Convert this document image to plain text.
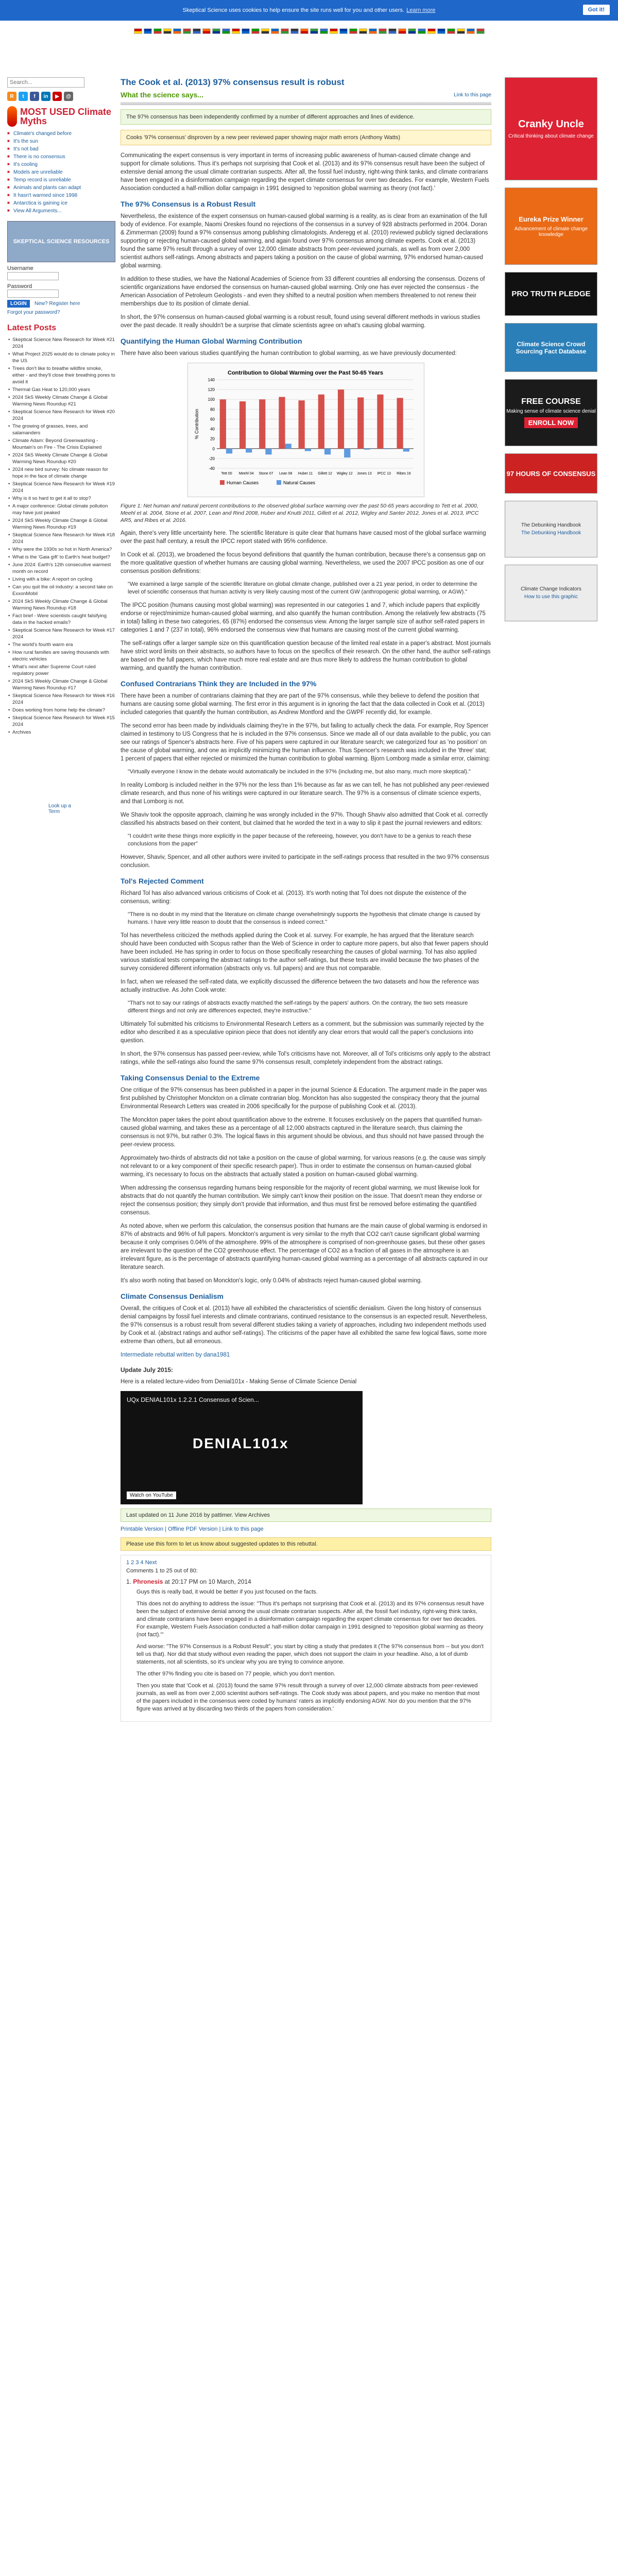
Skeptical Science uses cookies to help ensure the site runs well for you and other users. Learn more	Got it!
Search...
R	t	f	in	▶	@
MOST USED Climate Myths
■ Climate's changed before
■ It's the sun
■ It's not bad
■ There is no consensus
■ It's cooling
■ Models are unreliable
■ Temp record is unreliable
■ Animals and plants can adapt
■ It hasn't warmed since 1998
■ Antarctica is gaining ice
■ View All Arguments...
SKEPTICAL SCIENCE RESOURCES
Username
Password
LOGIN New? Register here
Forgot your password?
Latest Posts
• Skeptical Science New Research for Week #21 2024
• What Project 2025 would do to climate policy in the US
• Trees don't like to breathe wildfire smoke, either - and they'll close their breathing pores to avoid it
• Thermal Gas Heat to 120,000 years
• 2024 SkS Weekly Climate Change & Global Warming News Roundup #21
• Skeptical Science New Research for Week #20 2024
• The growing of grasses, trees, and salamanders
• Climate Adam: Beyond Greenwashing - Mountain's on Fire - The Crisis Explained
• 2024 SkS Weekly Climate Change & Global Warming News Roundup #20
• 2024 new bird survey: No climate reason for hope in the face of climate change
• Skeptical Science New Research for Week #19 2024
• Why is it so hard to get it all to stop?
• A major conference: Global climate pollution may have just peaked
• 2024 SkS Weekly Climate Change & Global Warming News Roundup #19
• Skeptical Science New Research for Week #18 2024
• Why were the 1930s so hot in North America?
• What is the 'Gaia gift' to Earth's heat budget?
• June 2024: Earth's 12th consecutive warmest month on record
• Living with a bike: A report on cycling
• Can you quit the oil industry: a second take on ExxonMobil
• 2024 SkS Weekly Climate Change & Global Warming News Roundup #18
• Fact brief - Were scientists caught falsifying data in the hacked emails?
• Skeptical Science New Research for Week #17 2024
• The world's fourth warm era
• How rural families are saving thousands with electric vehicles
• What's next after Supreme Court ruled regulatory power
• 2024 SkS Weekly Climate Change & Global Warming News Roundup #17
• Skeptical Science New Research for Week #16 2024
• Does working from home help the climate?
• Skeptical Science New Research for Week #15 2024
• Archives
Look up a Term
The Cook et al. (2013) 97% consensus result is robust
What the science says...	Link to this page
The 97% consensus has been independently confirmed by a number of different approaches and lines of evidence.
Cooks '97% consensus' disproven by a new peer reviewed paper showing major math errors (Anthony Watts)

Communicating the expert consensus is very important in terms of increasing public awareness of human-caused climate change and support for climate solutions. Thus it's perhaps not surprising that Cook et al. (2013) and its 97% consensus result have been the subject of extensive denial among the usual climate contrarian suspects. After all, the fossil fuel industry, right-wing think tanks, and climate contrarians have been engaged in a disinformation campaign regarding the expert climate consensus for over two decades. For example, Western Fuels Association conducted a half-million dollar campaign in 1991 designed to 'reposition global warming as theory (not fact).'

The 97% Consensus is a Robust Result

Nevertheless, the existence of the expert consensus on human-caused global warming is a reality, as is clear from an examination of the full body of evidence. For example, Naomi Oreskes found no rejections of the consensus in a survey of 928 abstracts performed in 2004. Doran & Zimmerman (2009) found a 97% consensus among publishing climatologists. Anderegg et al. (2010) reviewed publicly signed declarations supporting or rejecting human-caused global warming, and again found over 97% consensus among climate experts. Cook et al. (2013) found the same 97% result through a survey of over 12,000 climate abstracts from peer-reviewed journals, as well as from over 2,000 scientist authors self-ratings. Among abstracts and papers taking a position on the cause of global warming, 97% endorsed human-caused global warming.

In addition to these studies, we have the National Academies of Science from 33 different countries all endorsing the consensus. Dozens of scientific organizations have endorsed the consensus on human-caused global warming. Only one has ever rejected the consensus - the American Association of Petroleum Geologists - and even they shifted to a neutral position when members threatened to not renew their memberships due to its position of climate denial.

In short, the 97% consensus on human-caused global warming is a robust result, found using several different methods in various studies over the past decade. It really shouldn't be a surprise that climate scientists agree on what's causing global warming.

Quantifying the Human Global Warming Contribution

There have also been various studies quantifying the human contribution to global warming, as we have previously documented:

Contribution to Global Warming over the Past 50-65 Years
-40
-20
0
20
40
60
80
100
120
140
% Contribution
Tett 00 Meehl 04 Stone 07 Lean 08 Huber 11 Gillett 12 Wigley 12 Jones 13 IPCC 13 Ribes 16
Human Causes	Natural Causes
Figure 1: Net human and natural percent contributions to the observed global surface warming over the past 50-65 years according to Tett et al. 2000, Meehl et al. 2004, Stone et al. 2007, Lean and Rind 2008, Huber and Knutti 2011, Gillett et al. 2012, Wigley and Santer 2012, Jones et al. 2013, IPCC AR5, and Ribes et al. 2016.

Again, there's very little uncertainty here. The scientific literature is quite clear that humans have caused most of the global surface warming over the past half century, a result the IPCC report stated with 95% confidence.

In Cook et al. (2013), we broadened the focus beyond definitions that quantify the human contribution, because there's a consensus gap on the more qualitative question of whether humans are causing global warming. Nevertheless, we used the 2007 IPCC position as one of our consensus position definitions:

"We examined a large sample of the scientific literature on global climate change, published over a 21 year period, in order to determine the level of scientific consensus that human activity is very likely causing most of the current GW (anthropogenic global warming, or AGW)."

The IPCC position (humans causing most global warming) was represented in our categories 1 and 7, which include papers that explicitly endorse or reject/minimize human-caused global warming, and also quantify the human contribution. Among the relatively few abstracts (75 in total) falling in these two categories, 65 (87%) endorsed the consensus view. Among the larger sample size of author self-rated papers in categories 1 and 7 (237 in total), 96% endorsed the consensus view that humans are causing most of the current global warming.

The self-ratings offer a larger sample size on this quantification question because of the limited real estate in a paper's abstract. Most journals have strict word limits on their abstracts, so authors have to focus on the specifics of their research. On the other hand, the author self-ratings are based on the full papers, which have much more real estate and are thus more likely to address the human contribution to global warming, and quantify the human contribution.

Confused Contrarians Think they are Included in the 97%

There have been a number of contrarians claiming that they are part of the 97% consensus, while they believe to defend the position that humans are causing some global warming. The first error in this argument is in ignoring the fact that the data collected in Cook et al. (2013) included categories that quantify the human contribution, as Andrew Montford and the GWPF recently did, for example.

The second error has been made by individuals claiming they're in the 97%, but failing to actually check the data. For example, Roy Spencer claimed in testimony to US Congress that he is included in the 97% consensus. Since we made all of our data available to the public, you can see our ratings of Spencer's abstracts here. Five of his papers were captured in our literature search; we categorized four as 'no position' on the cause of global warming, and one as implicitly minimizing the human influence. Thus Spencer's research was included in the 'three' stat; 1 percent of papers that either rejected or minimized the human contribution to global warming. Bjorn Lomborg made a similar error, claiming:

"Virtually everyone I know in the debate would automatically be included in the 97% (including me, but also many, much more skeptical)."

In reality Lomborg is included neither in the 97% nor the less than 1% because as far as we can tell, he has not published any peer-reviewed climate research, and thus none of his writings were captured in our literature search. The 97% is a consensus of climate science experts, and that Lomborg is not.

We Shaviv took the opposite approach, claiming he was wrongly included in the 97%. Though Shaviv also admitted that Cook et al. correctly classified his abstracts based on their content, but claimed that he worded the text in a way to slip it past the journal reviewers and editors:

"I couldn't write these things more explicitly in the paper because of the refereeing, however, you don't have to be a genius to reach these conclusions from the paper"

However, Shaviv, Spencer, and all other authors were invited to participate in the self-ratings process that resulted in the two 97% consensus conclusion.

Tol's Rejected Comment

Richard Tol has also advanced various criticisms of Cook et al. (2013). It's worth noting that Tol does not dispute the existence of the consensus, writing:

"There is no doubt in my mind that the literature on climate change overwhelmingly supports the hypothesis that climate change is caused by humans. I have very little reason to doubt that the consensus is indeed correct."

Tol has nevertheless criticized the methods applied during the Cook et al. survey. For example, he has argued that the literature search should have been conducted with Scopus rather than the Web of Science in order to capture more papers, but also that fewer papers should have been included. He has spring in order to focus on those specifically researching the causes of global warming. Tol has also applied various statistical tests comparing the abstract ratings to the author self-ratings, but these tests are invalid because the two phases of the survey considered different information (abstracts only vs. full papers) and are thus not comparable.

In fact, when we released the self-rated data, we explicitly discussed the difference between the two datasets and how the reference was actually instructive. As John Cook wrote:

"That's not to say our ratings of abstracts exactly matched the self-ratings by the papers' authors. On the contrary, the two sets measure different things and not only are differences expected, they're instructive."

Ultimately Tol submitted his criticisms to Environmental Research Letters as a comment, but the submission was summarily rejected by the editor who described it as a speculative opinion piece that does not identify any clear errors that would call the paper's conclusions into question.

In short, the 97% consensus has passed peer-review, while Tol's criticisms have not. Moreover, all of Tol's criticisms only apply to the abstract ratings, while the self-ratings also found the same 97% consensus result, completely independent from the abstract ratings.

Taking Consensus Denial to the Extreme

One critique of the 97% consensus has been published in a paper in the journal Science & Education. The argument made in the paper was first published by Christopher Monckton on a climate contrarian blog. Monckton has also suggested the conspiracy theory that the journal Environmental Research Letters was created in 2006 specifically for the purpose of publishing Cook et al. (2013).

The Monckton paper takes the point about quantification above to the extreme. It focuses exclusively on the papers that quantified human-caused global warming, and takes these as a percentage of all 12,000 abstracts captured in the literature search, thus claiming the consensus is not 97%, but rather 0.3%. The logical flaws in this argument should be obvious, and thus should not have passed through the peer-review process.

Approximately two-thirds of abstracts did not take a position on the cause of global warming, for various reasons (e.g. the cause was simply not relevant to or a key component of their specific research paper). Thus in order to estimate the consensus on human-caused global warming, it's necessary to focus on the abstracts that actually stated a position on human-caused global warming.

When addressing the consensus regarding humans being responsible for the majority of recent global warming, we must likewise look for abstracts that do not quantify the human contribution. We simply can't know their position on the issue. That doesn't mean they endorse or reject the consensus position; they simply don't provide that information, and thus must first be removed before estimating the quantified consensus.

As noted above, when we perform this calculation, the consensus position that humans are the main cause of global warming is endorsed in 87% of abstracts and 96% of full papers. Monckton's argument is very similar to the myth that CO2 can't cause significant global warming because it only comprises 0.04% of the atmosphere. 99% of the atmosphere is comprised of non-greenhouse gases, but these other gases are irrelevant to the question of the CO2 greenhouse effect. The percentage of CO2 as a fraction of all gases in the atmosphere is an irrelevant figure, as is the percentage of abstracts quantifying human-caused global warming as a percentage of all abstracts captured in our literature search.

It's also worth noting that based on Monckton's logic, only 0.04% of abstracts reject human-caused global warming.

Climate Consensus Denialism

Overall, the critiques of Cook et al. (2013) have all exhibited the characteristics of scientific denialism. Given the long history of consensus denial campaigns by fossil fuel interests and climate contrarians, continued resistance to the consensus is an expected result. Nevertheless, the 97% consensus is a robust result from several different studies taking a variety of approaches, including two independent methods used by Cook et al. (abstract ratings and author self-ratings). The criticisms of the paper have all exhibited the same few logical flaws, some more extreme than others, but all erroneous.

Intermediate rebuttal written by dana1981

Update July 2015:

Here is a related lecture-video from Denial101x - Making Sense of Climate Science Denial

UQx DENIAL101x 1.2.2.1 Consensus of Scien...
DENIAL101x
Watch on YouTube
Last updated on 11 June 2016 by pattimer. View Archives
Printable Version | Offline PDF Version | Link to this page
Please use this form to let us know about suggested updates to this rebuttal.
1 2 3 4 Next
Comments 1 to 25 out of 80:
1. Phronesis at 20:17 PM on 10 March, 2014

Guys this is really bad, it would be better if you just focused on the facts.

This does not do anything to address the issue: "Thus it's perhaps not surprising that Cook et al. (2013) and its 97% consensus result have been the subject of extensive denial among the usual climate contrarian suspects. After all, the fossil fuel industry, right-wing think tanks, and climate contrarians have been engaged in a disinformation campaign regarding the expert climate consensus for over two decades. For example, Western Fuels Association conducted a half-million dollar campaign in 1991 designed to 'reposition global warming as theory (not fact).'"

And worse: "The 97% Consensus is a Robust Result", you start by citing a study that predates it (The 97% consensus from -- but you don't tell us that). Nor did that study without even reading the paper, which does not support the claim in your headline. Also, a lot of dumb statements, not all scientists, so it's unclear why you are trying to convince anyone.

The other 97% finding you cite is based on 77 people, which you don't mention.

Then you state that 'Cook et al. (2013) found the same 97% result through a survey of over 12,000 climate abstracts from peer-reviewed journals, as well as from over 2,000 scientist authors self-ratings. The Cook study was about papers, and you make no mention that most of the papers included in the consensus were coded by humans' raters as implicitly endorsing AGW. Nor do you mention that the 97% figure was arrived at by discarding two thirds of the papers from consideration.'

Cranky Uncle
Critical thinking about climate change
Eureka Prize Winner
Advancement of climate change knowledge
PRO TRUTH PLEDGE
Climate Science Crowd Sourcing Fact Database
FREE COURSE
Making sense of climate science denial
ENROLL NOW
97 HOURS OF CONSENSUS
The Debunking Handbook
The Debunking Handbook
Climate Change Indicators
How to use this graphic
